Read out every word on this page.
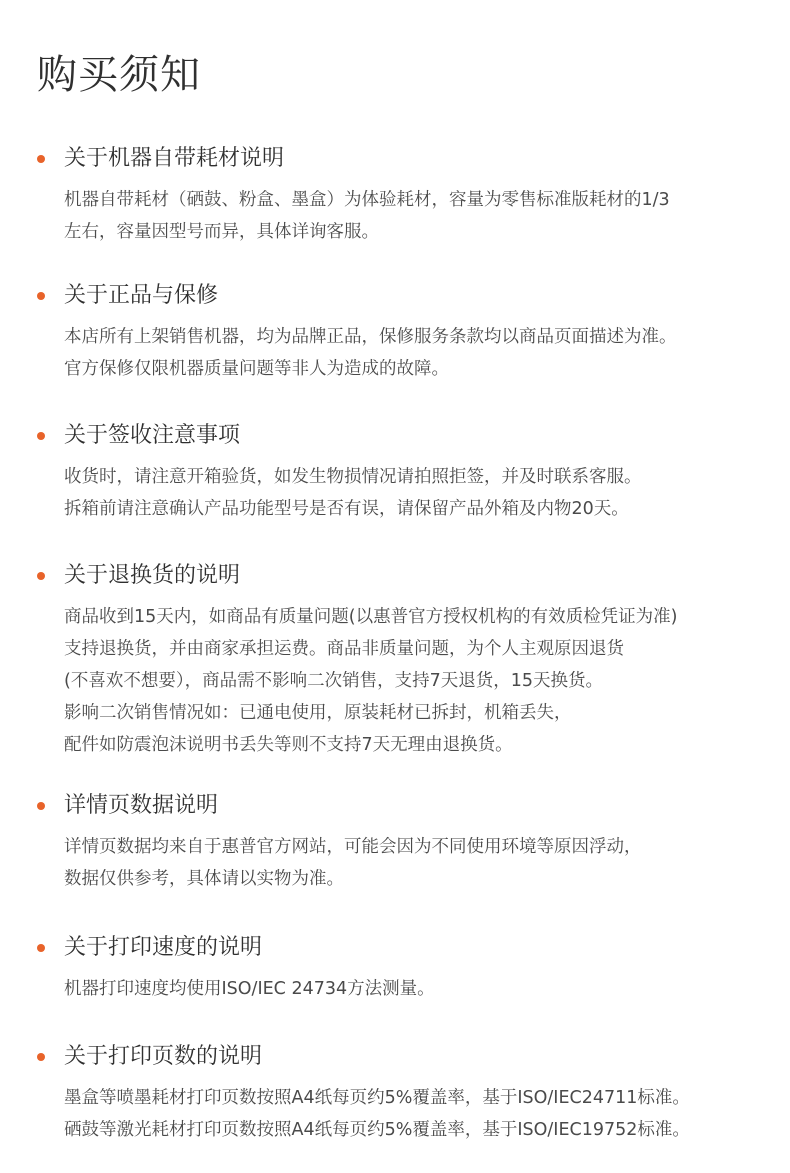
购买须知
关于机器自带耗材说明
机器自带耗材（硒鼓、粉盒、墨盒）为体验耗材，容量为零售标准版耗材的1/3
左右，容量因型号而异，具体详询客服。
关于正品与保修
本店所有上架销售机器，均为品牌正品，保修服务条款均以商品页面描述为准。
官方保修仅限机器质量问题等非人为造成的故障。
关于签收注意事项
收货时，请注意开箱验货，如发生物损情况请拍照拒签，并及时联系客服。
拆箱前请注意确认产品功能型号是否有误，请保留产品外箱及内物20天。
关于退换货的说明
商品收到15天内，如商品有质量问题(以惠普官方授权机构的有效质检凭证为准)
支持退换货，并由商家承担运费。商品非质量问题，为个人主观原因退货
(不喜欢不想要），商品需不影响二次销售，支持7天退货，15天换货。
影响二次销售情况如：已通电使用，原装耗材已拆封，机箱丢失，
配件如防震泡沫说明书丢失等则不支持7天无理由退换货。
详情页数据说明
详情页数据均来自于惠普官方网站，可能会因为不同使用环境等原因浮动，
数据仅供参考，具体请以实物为准。
关于打印速度的说明
机器打印速度均使用ISO/IEC 24734方法测量。
关于打印页数的说明
墨盒等喷墨耗材打印页数按照A4纸每页约5%覆盖率，基于ISO/IEC24711标准。
硒鼓等激光耗材打印页数按照A4纸每页约5%覆盖率，基于ISO/IEC19752标准。
